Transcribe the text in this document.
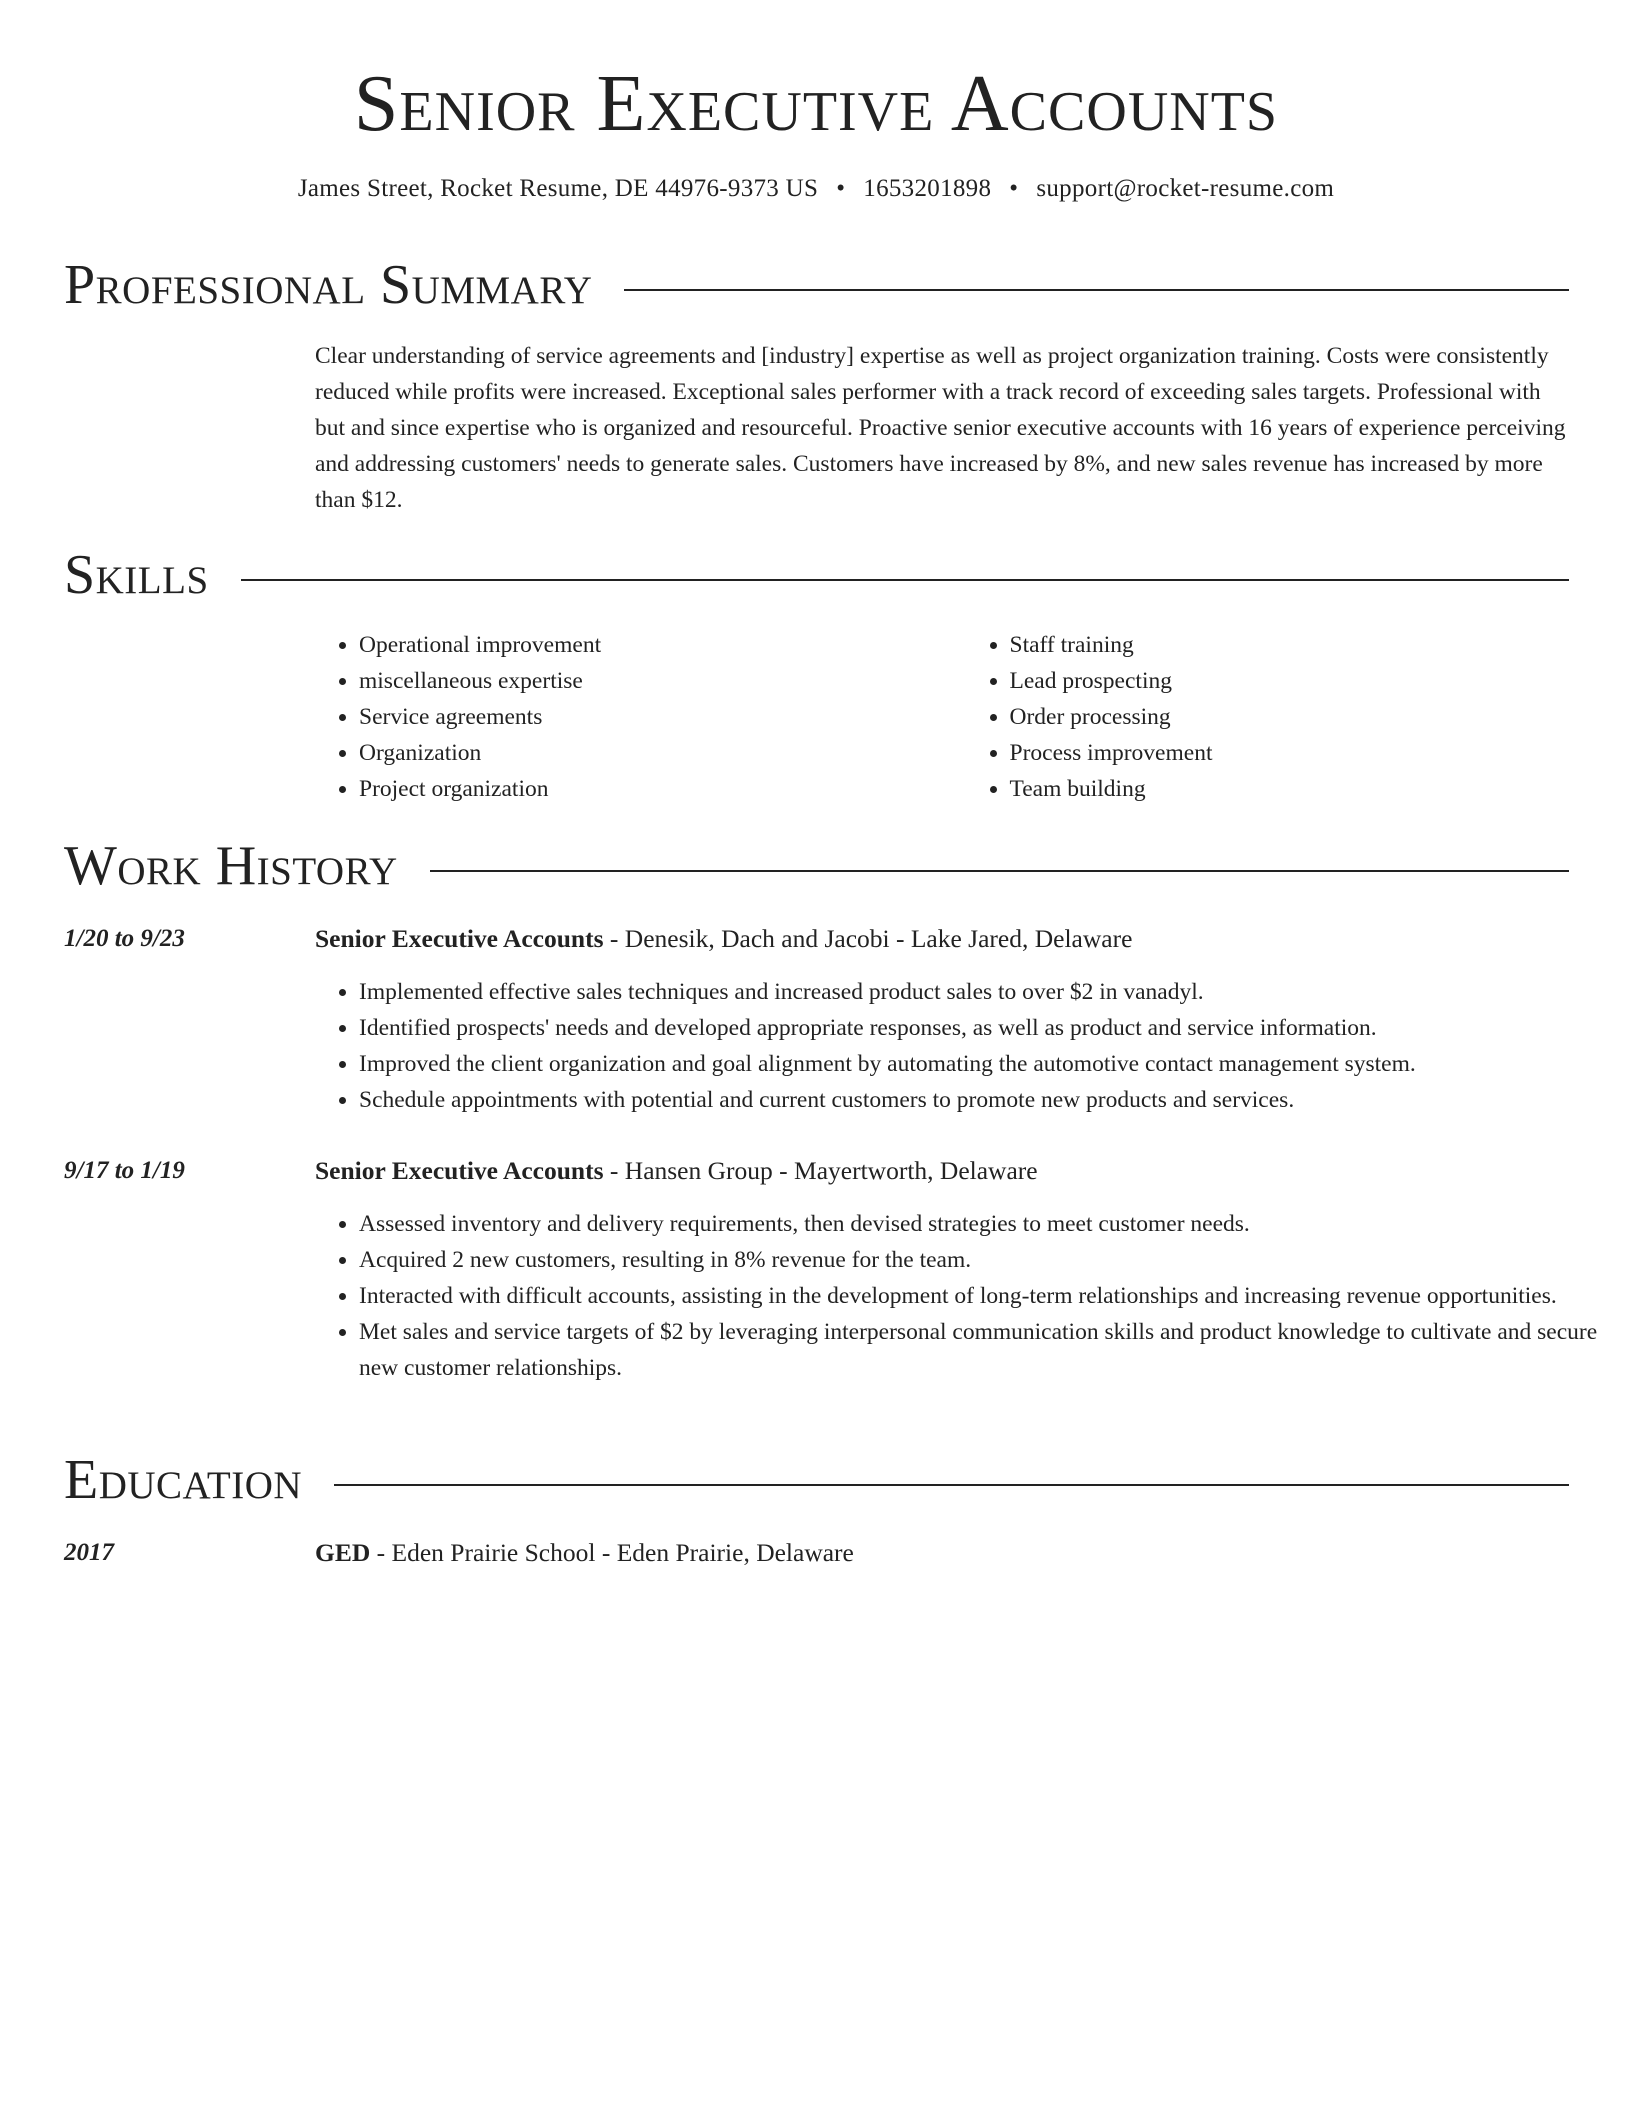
Senior Executive Accounts
James Street, Rocket Resume, DE 44976-9373 US • 1653201898 • support@rocket-resume.com
Professional Summary

Clear understanding of service agreements and [industry] expertise as well as project organization training. Costs were consistently reduced while profits were increased. Exceptional sales performer with a track record of exceeding sales targets. Professional with but and since expertise who is organized and resourceful. Proactive senior executive accounts with 16 years of experience perceiving and addressing customers' needs to generate sales. Customers have increased by 8%, and new sales revenue has increased by more than $12.

Skills
• Operational improvement
• miscellaneous expertise
• Service agreements
• Organization
• Project organization
• Staff training
• Lead prospecting
• Order processing
• Process improvement
• Team building
Work History
1/20 to 9/23	Senior Executive Accounts - Denesik, Dach and Jacobi - Lake Jared, Delaware
• Implemented effective sales techniques and increased product sales to over $2 in vanadyl.
• Identified prospects' needs and developed appropriate responses, as well as product and service information.
• Improved the client organization and goal alignment by automating the automotive contact management system.
• Schedule appointments with potential and current customers to promote new products and services.
9/17 to 1/19	Senior Executive Accounts - Hansen Group - Mayertworth, Delaware
• Assessed inventory and delivery requirements, then devised strategies to meet customer needs.
• Acquired 2 new customers, resulting in 8% revenue for the team.
• Interacted with difficult accounts, assisting in the development of long-term relationships and increasing revenue opportunities.
• Met sales and service targets of $2 by leveraging interpersonal communication skills and product knowledge to cultivate and secure new customer relationships.
Education
2017	GED - Eden Prairie School - Eden Prairie, Delaware
